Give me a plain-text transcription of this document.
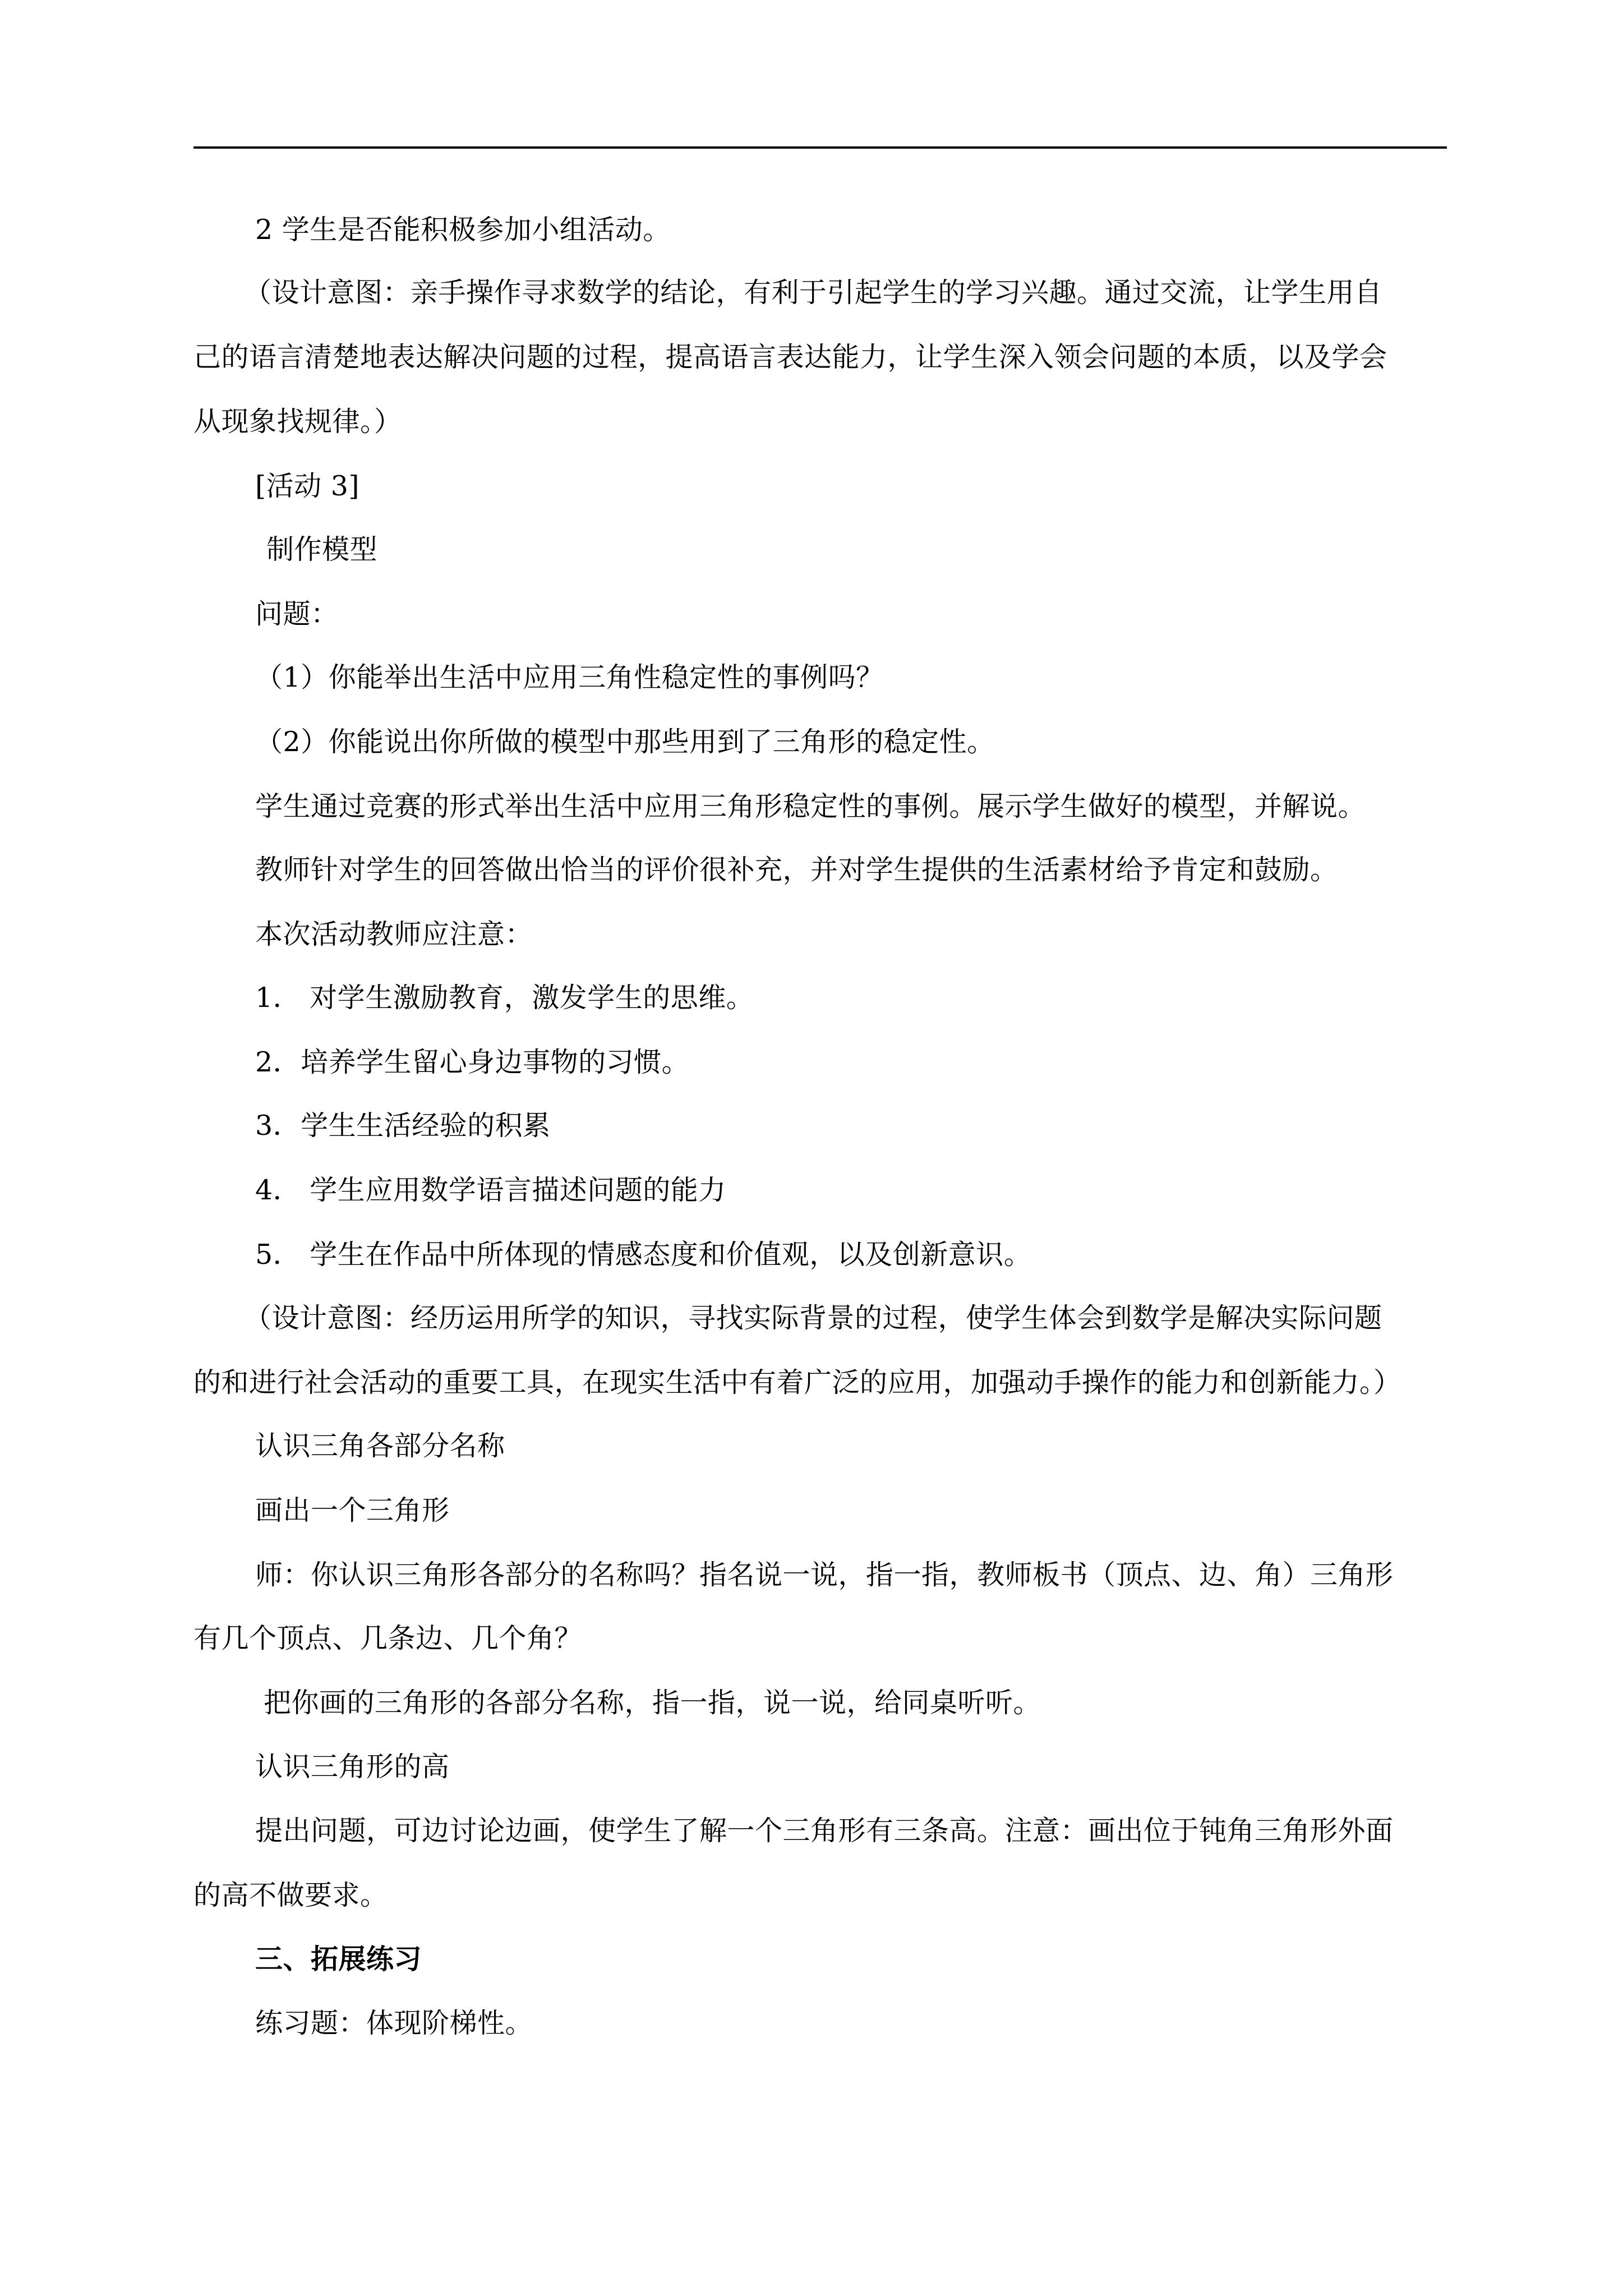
2 学生是否能积极参加小组活动。
（设计意图：亲手操作寻求数学的结论，有利于引起学生的学习兴趣。通过交流，让学生用自
己的语言清楚地表达解决问题的过程，提高语言表达能力，让学生深入领会问题的本质，以及学会
从现象找规律。）
[活动 3]
制作模型
问题：
（1）你能举出生活中应用三角性稳定性的事例吗？
（2）你能说出你所做的模型中那些用到了三角形的稳定性。
学生通过竞赛的形式举出生活中应用三角形稳定性的事例。展示学生做好的模型，并解说。
教师针对学生的回答做出恰当的评价很补充，并对学生提供的生活素材给予肯定和鼓励。
本次活动教师应注意：
1． 对学生激励教育，激发学生的思维。
2．培养学生留心身边事物的习惯。
3．学生生活经验的积累
4． 学生应用数学语言描述问题的能力
5． 学生在作品中所体现的情感态度和价值观，以及创新意识。
（设计意图：经历运用所学的知识，寻找实际背景的过程，使学生体会到数学是解决实际问题
的和进行社会活动的重要工具，在现实生活中有着广泛的应用，加强动手操作的能力和创新能力。）
认识三角各部分名称
画出一个三角形
师：你认识三角形各部分的名称吗？指名说一说，指一指，教师板书（顶点、边、角）三角形
有几个顶点、几条边、几个角？
把你画的三角形的各部分名称，指一指，说一说，给同桌听听。
认识三角形的高
提出问题，可边讨论边画，使学生了解一个三角形有三条高。注意：画出位于钝角三角形外面
的高不做要求。
三、拓展练习
练习题：体现阶梯性。
